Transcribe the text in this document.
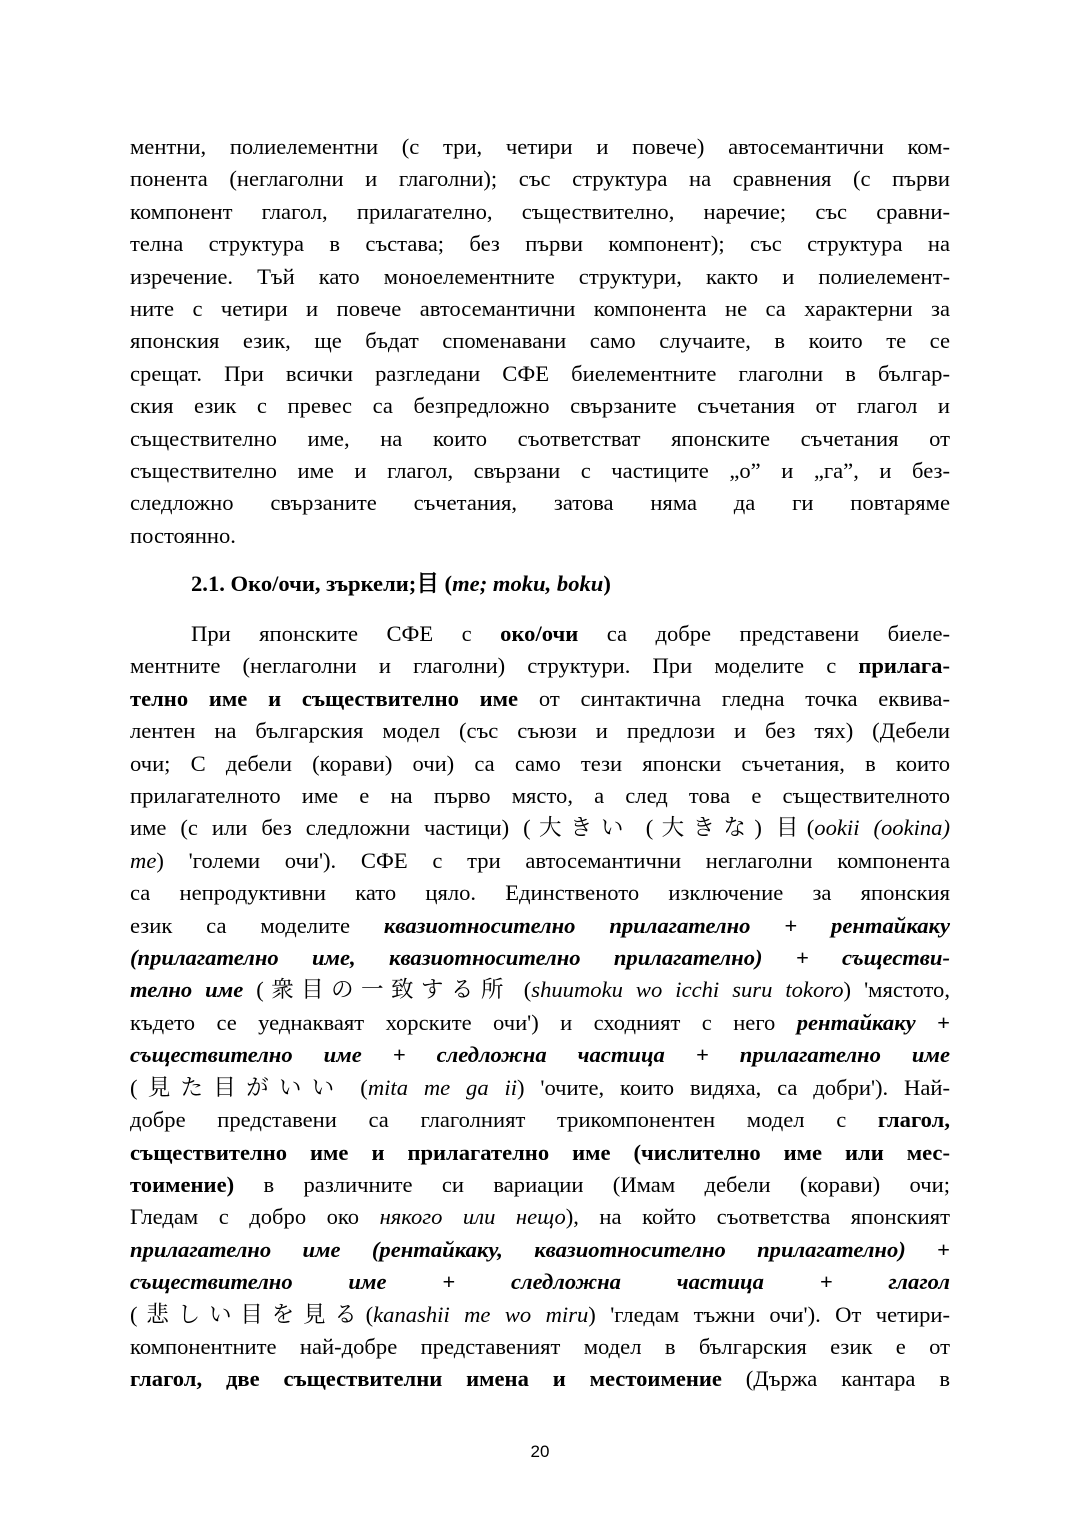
ментни, полиелементни (с три, четири и повече) автосемантични ком-
понента (неглаголни и глаголни); със структура на сравнения (с първи
компонент глагол, прилагателно, съществително, наречие; със сравни-
телна структура в състава; без първи компонент); със структура на
изречение. Тъй като моноелементните структури, както и полиелемент-
ните с четири и повече автосемантични компонента не са характерни за
японския език, ще бъдат споменавани само случаите, в които те се
срещат. При всички разгледани СФЕ биелементните глаголни в българ-
ския език с превес са безпредложно свързаните съчетания от глагол и
съществително име, на които съответстват японските съчетания от
съществително име и глагол, свързани с частиците „о” и „га”, и без-
следложно свързаните съчетания, затова няма да ги повтаряме
постоянно.
2.1. Око/очи, зъркели;目 (me; moku, boku)
При японските СФЕ с око/очи са добре представени биеле-
ментните (неглаголни и глаголни) структури. При моделите с прилага-
телно име и съществително име от синтактична гледна точка еквива-
лентен на българския модел (със съюзи и предлози и без тях) (Дебели
очи; С дебели (корави) очи) са само тези японски съчетания, в които
прилагателното име е на първо място, а след това е съществителното
име (с или без следложни частици) (大きい (大きな) 目(ookii (ookina)
me) 'големи очи'). СФЕ с три автосемантични неглаголни компонента
са непродуктивни като цяло. Единственото изключение за японския
език са моделите квазиотносително прилагателно + рентайкаку
(прилагателно име, квазиотносително прилагателно) + съществи-
телно име (衆目の一致する所 (shuumoku wo icchi suru tokoro) 'мястото,
където се уеднакваят хорските очи') и сходният с него рентайкаку +
съществително име + следложна частица + прилагателно име
(見た目がいい (mita me ga ii) 'очите, които видяха, са добри'). Най-
добре представени са глаголният трикомпонентен модел с глагол,
съществително име и прилагателно име (числително име или мес-
тоимение) в различните си вариации (Имам дебели (корави) очи;
Гледам с добро око някого или нещо), на който съответства японският
прилагателно име (рентайкаку, квазиотносително прилагателно) +
съществително име + следложна частица + глагол
(悲しい目を見る(kanashii me wo miru) 'гледам тъжни очи'). От четири-
компонентните най-добре представеният модел в българския език е от
глагол, две съществителни имена и местоимение (Държа кантара в
20
